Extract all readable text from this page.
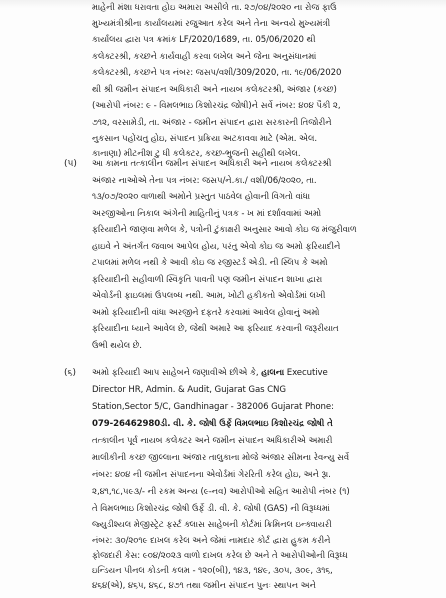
માહેની મંશા ધરાવતા હોઇ અમારા અસીલે તા. ૨૭/૦૪/૨૦૨૦ ના રોજ ફાઉ
મુખ્યમંત્રીશ્રીના કાર્યાલયમાં રજુઆત કરેલ અને તેના અન્વયે મુખ્યમંત્રી
કાર્યાલય દ્વારા પત્ર ક્રમાંક LF/2020/1689, તા. 05/06/2020 થી
કલેક્ટરશ્રી, કચ્છને કાર્યવાહી કરવા લખેલ અને જેના અનુસંધાનમાં
કલેક્ટરશ્રી, કચ્છને પત્ર નંબર: જસપ/વશી/309/2020, તા. ૧૯/06/2020
થી શ્રી જમીન સંપાદન અધિકારી અને નાયબ કલેક્ટરશ્રી, અંજાર (કચ્છ)
(આરોપી નંબર: ૯ - વિમલભાઇ કિશોરચંદ્ર જોષી)ને સર્વે નંબર: ૪૦૪ પૈકી ૨,
૭૧૨, વરસામેડી, તા. અંજાર - જમીન સંપાદન દ્વારા સરકારની તિજોરીને
નુકસાન પહોંચતુ હોઇ, સંપાદન પ્રક્રિયા અટકાવવા માટે (એમ. એલ.
કાનાણા) મીટનીશ ટુ ધી કલેક્ટર, કચ્છ-ભુજની સહીથી લખેલ.
(૫) આ કામના તત્કાલીન જમીન સંપાદન અધિકારી અને નાયબ કલેક્ટરશ્રી
અંજાર નાઓએ તેના પત્ર નંબર: જસપ/ને.કા./ વશી/06/૨૦૨૦, તા.
૧૩/૦૭/૨૦૨૦ વાળાથી અમોને પ્રસ્તુત પાઠવેલ હોવાની વિગતો વાંધા
અરજીઓના નિકાલ અંગેની માહિતીનું પત્રક - ખ માં દર્શાવવામાં અમો
ફરિયાદીને જાણવા મળેલ કે, પત્રોની ટુંકાક્ષરી અનુસાર આવો કોઇ જ મંજુરીવાળ
હાઇવે ને અંતર્ગત જવાબ આપેલ હોય, પરંતુ એવો કોઇ જ અમો ફરિયાદીને
ટપાલમાં મળેલ નથી કે આવી કોઇ જ રજીસ્ટર્ડ એડી. ની સ્લિપ કે અમો
ફરિયાદીની સહીવાળી સ્વિકૃતિ પાવતી પણ જમીન સંપાદન શાખા દ્વારા
એવોર્ડની ફાઇલમાં ઉપલબ્ધ નથી. આમ, ખોટી હકીકતો એવોર્ડમાં લખી
અમો ફરિયાદીની વાંધા અરજીને દફતરે કરવામાં આવેલ હોવાનું અમો
ફરિયાદીના ધ્યાને આવેલ છે, જેથી અમારે આ ફરિયાદ કરવાની જરૂરીયાત
ઉભી થયેલ છે.
(૬) અમો ફરિયાદી આપ સાહેબને જણાવીએ છીએ કે, હાલના Executive
Director HR, Admin. & Audit, Gujarat Gas CNG
Station,Sector 5/C, Gandhinagar - 382006 Gujarat Phone:
079-26462980ડી. વી. કે. જોષી ઉર્ફે વિમલભાઇ કિશોરચંદ્ર જોષી તે
તત્કાલીન પૂર્વ નાયબ કલેક્ટર અને જમીન સંપાદન અધિકારીએ અમારી
માલીકીની કચ્છ જીલ્લાના અંજાર તાલુકાના મોજે અંજાર સીમના રેવન્યુ સર્વે
નંબર: ૪૦૪ ની જમીન સંપાદનના એવોર્ડમાં ગેરરિતી કરેલ હોઇ, અને રૂા.
૨,૪૧,૧૮,૫૯૩/- ની રકમ અન્ય (૯-નવ) આરોપીઓ સહિત આરોપી નંબર (૧)
તે વિમલભાઇ કિશોરચંદ્ર જોષી ઉર્ફે ડી. વી. કે. જોષી (GAS) ની વિરૂધ્ધમાં
જ્યુડીશ્યલ મેજીસ્ટ્રેટ ફર્સ્ટ ક્લાસ સાહેબની કોર્ટમાં ક્રિમિનલ ઇન્ક્વાયરી
નંબર: ૩૦/૨૦૧૯ દાખલ કરેલ અને જેમાં નામદાર કોર્ટ દ્વારા હુકમ કરીને
ફોજદારી કેસ: ૯૦૪/૨૦૨૩ વાળો દાખલ કરેલ છે અને તે આરોપીઓની વિરૂધ્ધ
ઇન્ડિયન પીનલ કોડની કલમ - ૧૨૦(બી), ૧૪૩, ૧૪૯, ૩૦૫, ૩૦૯, ૩૧૬,
૪૬૪(એ), ૪૬૫, ૪૬૮, ૪૭૧ તથા જમીન સંપાદન પુનઃ સ્થાપન અને
